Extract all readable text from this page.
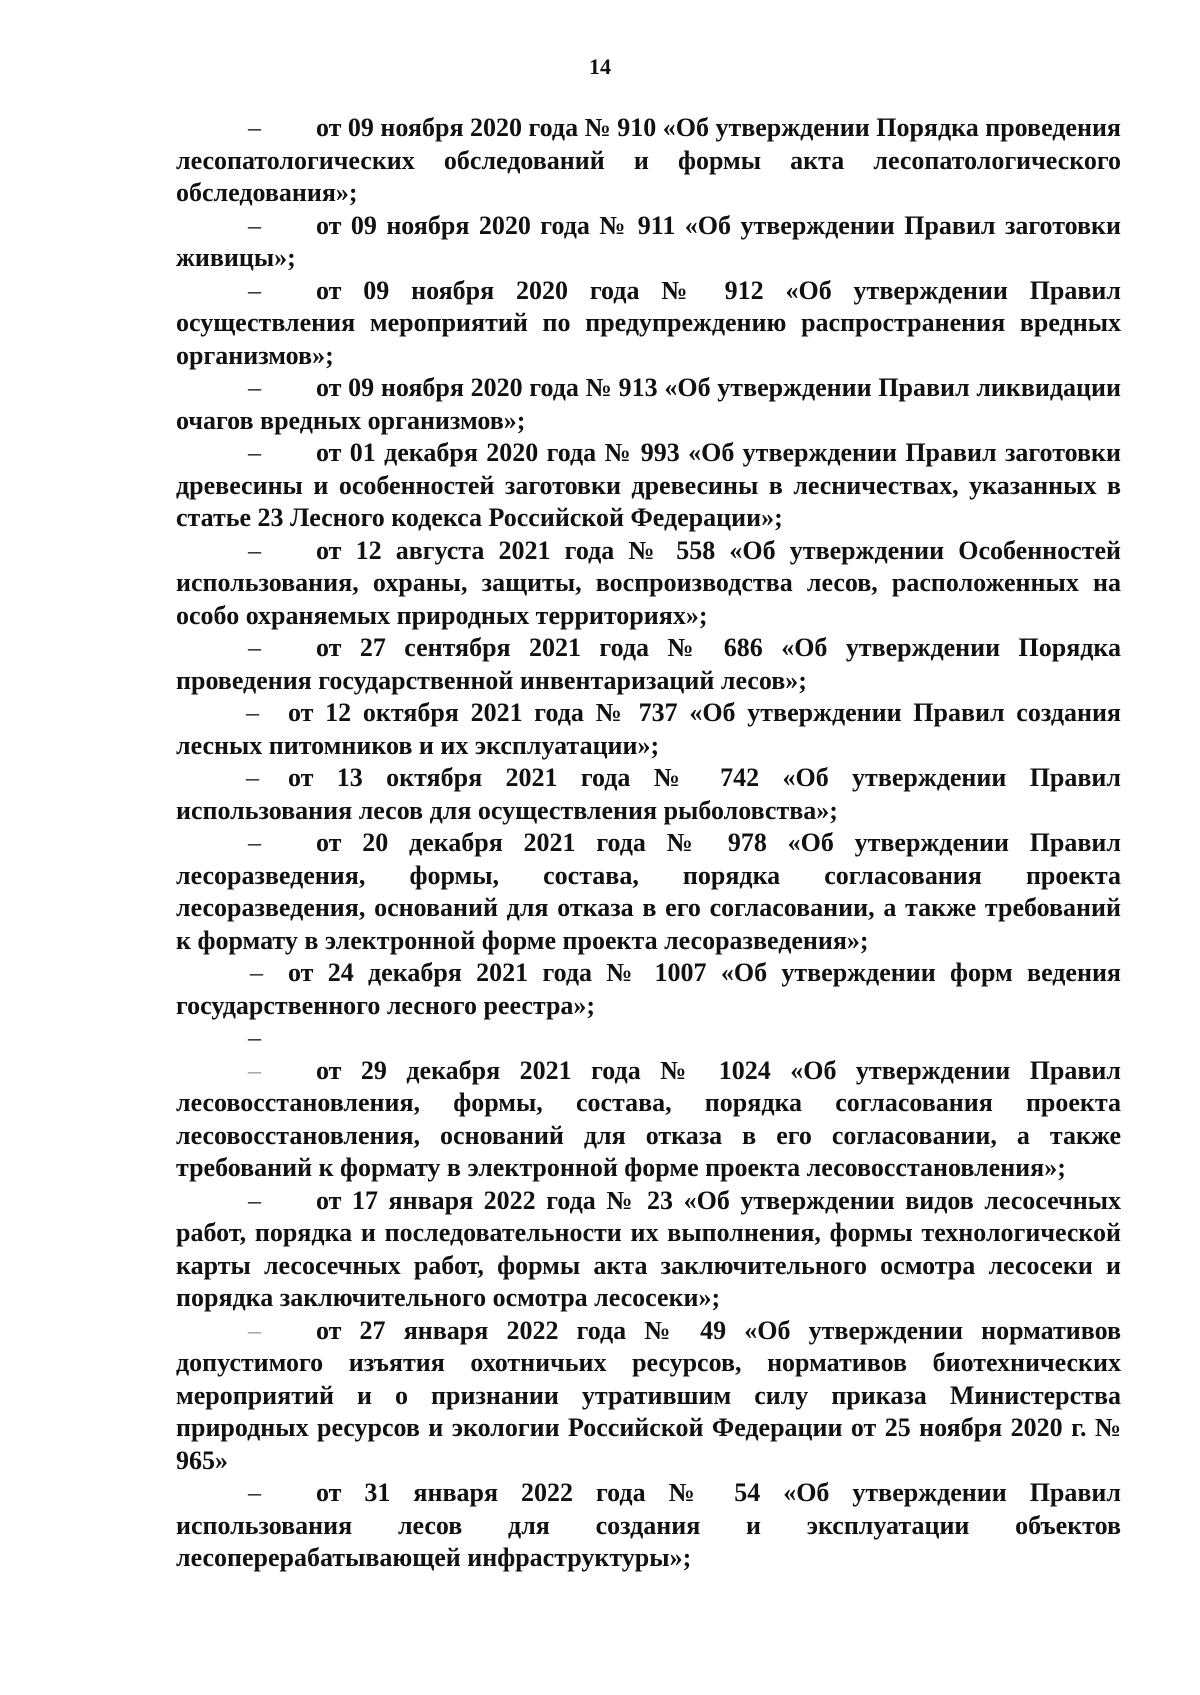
14
– от 09 ноября 2020 года № 910 «Об утверждении Порядка проведения лесопатологических обследований и формы акта лесопатологического обследования»;
– от 09 ноября 2020 года № 911 «Об утверждении Правил заготовки живицы»;
– от 09 ноября 2020 года № 912 «Об утверждении Правил осуществления мероприятий по предупреждению распространения вредных организмов»;
– от 09 ноября 2020 года № 913 «Об утверждении Правил ликвидации очагов вредных организмов»;
– от 01 декабря 2020 года № 993 «Об утверждении Правил заготовки древесины и особенностей заготовки древесины в лесничествах, указанных в статье 23 Лесного кодекса Российской Федерации»;
– от 12 августа 2021 года № 558 «Об утверждении Особенностей использования, охраны, защиты, воспроизводства лесов, расположенных на особо охраняемых природных территориях»;
– от 27 сентября 2021 года № 686 «Об утверждении Порядка проведения государственной инвентаризаций лесов»;
– от 12 октября 2021 года № 737 «Об утверждении Правил создания лесных питомников и их эксплуатации»;
– от 13 октября 2021 года № 742 «Об утверждении Правил использования лесов для осуществления рыболовства»;
– от 20 декабря 2021 года № 978 «Об утверждении Правил лесоразведения, формы, состава, порядка согласования проекта лесоразведения, оснований для отказа в его согласовании, а также требований к формату в электронной форме проекта лесоразведения»;
– от 24 декабря 2021 года № 1007 «Об утверждении форм ведения государственного лесного реестра»;
–
– от 29 декабря 2021 года № 1024 «Об утверждении Правил лесовосстановления, формы, состава, порядка согласования проекта лесовосстановления, оснований для отказа в его согласовании, а также требований к формату в электронной форме проекта лесовосстановления»;
– от 17 января 2022 года № 23 «Об утверждении видов лесосечных работ, порядка и последовательности их выполнения, формы технологической карты лесосечных работ, формы акта заключительного осмотра лесосеки и порядка заключительного осмотра лесосеки»;
– от 27 января 2022 года № 49 «Об утверждении нормативов допустимого изъятия охотничьих ресурсов, нормативов биотехнических мероприятий и о признании утратившим силу приказа Министерства природных ресурсов и экологии Российской Федерации от 25 ноября 2020 г. № 965»
– от 31 января 2022 года № 54 «Об утверждении Правил использования лесов для создания и эксплуатации объектов лесоперерабатывающей инфраструктуры»;
